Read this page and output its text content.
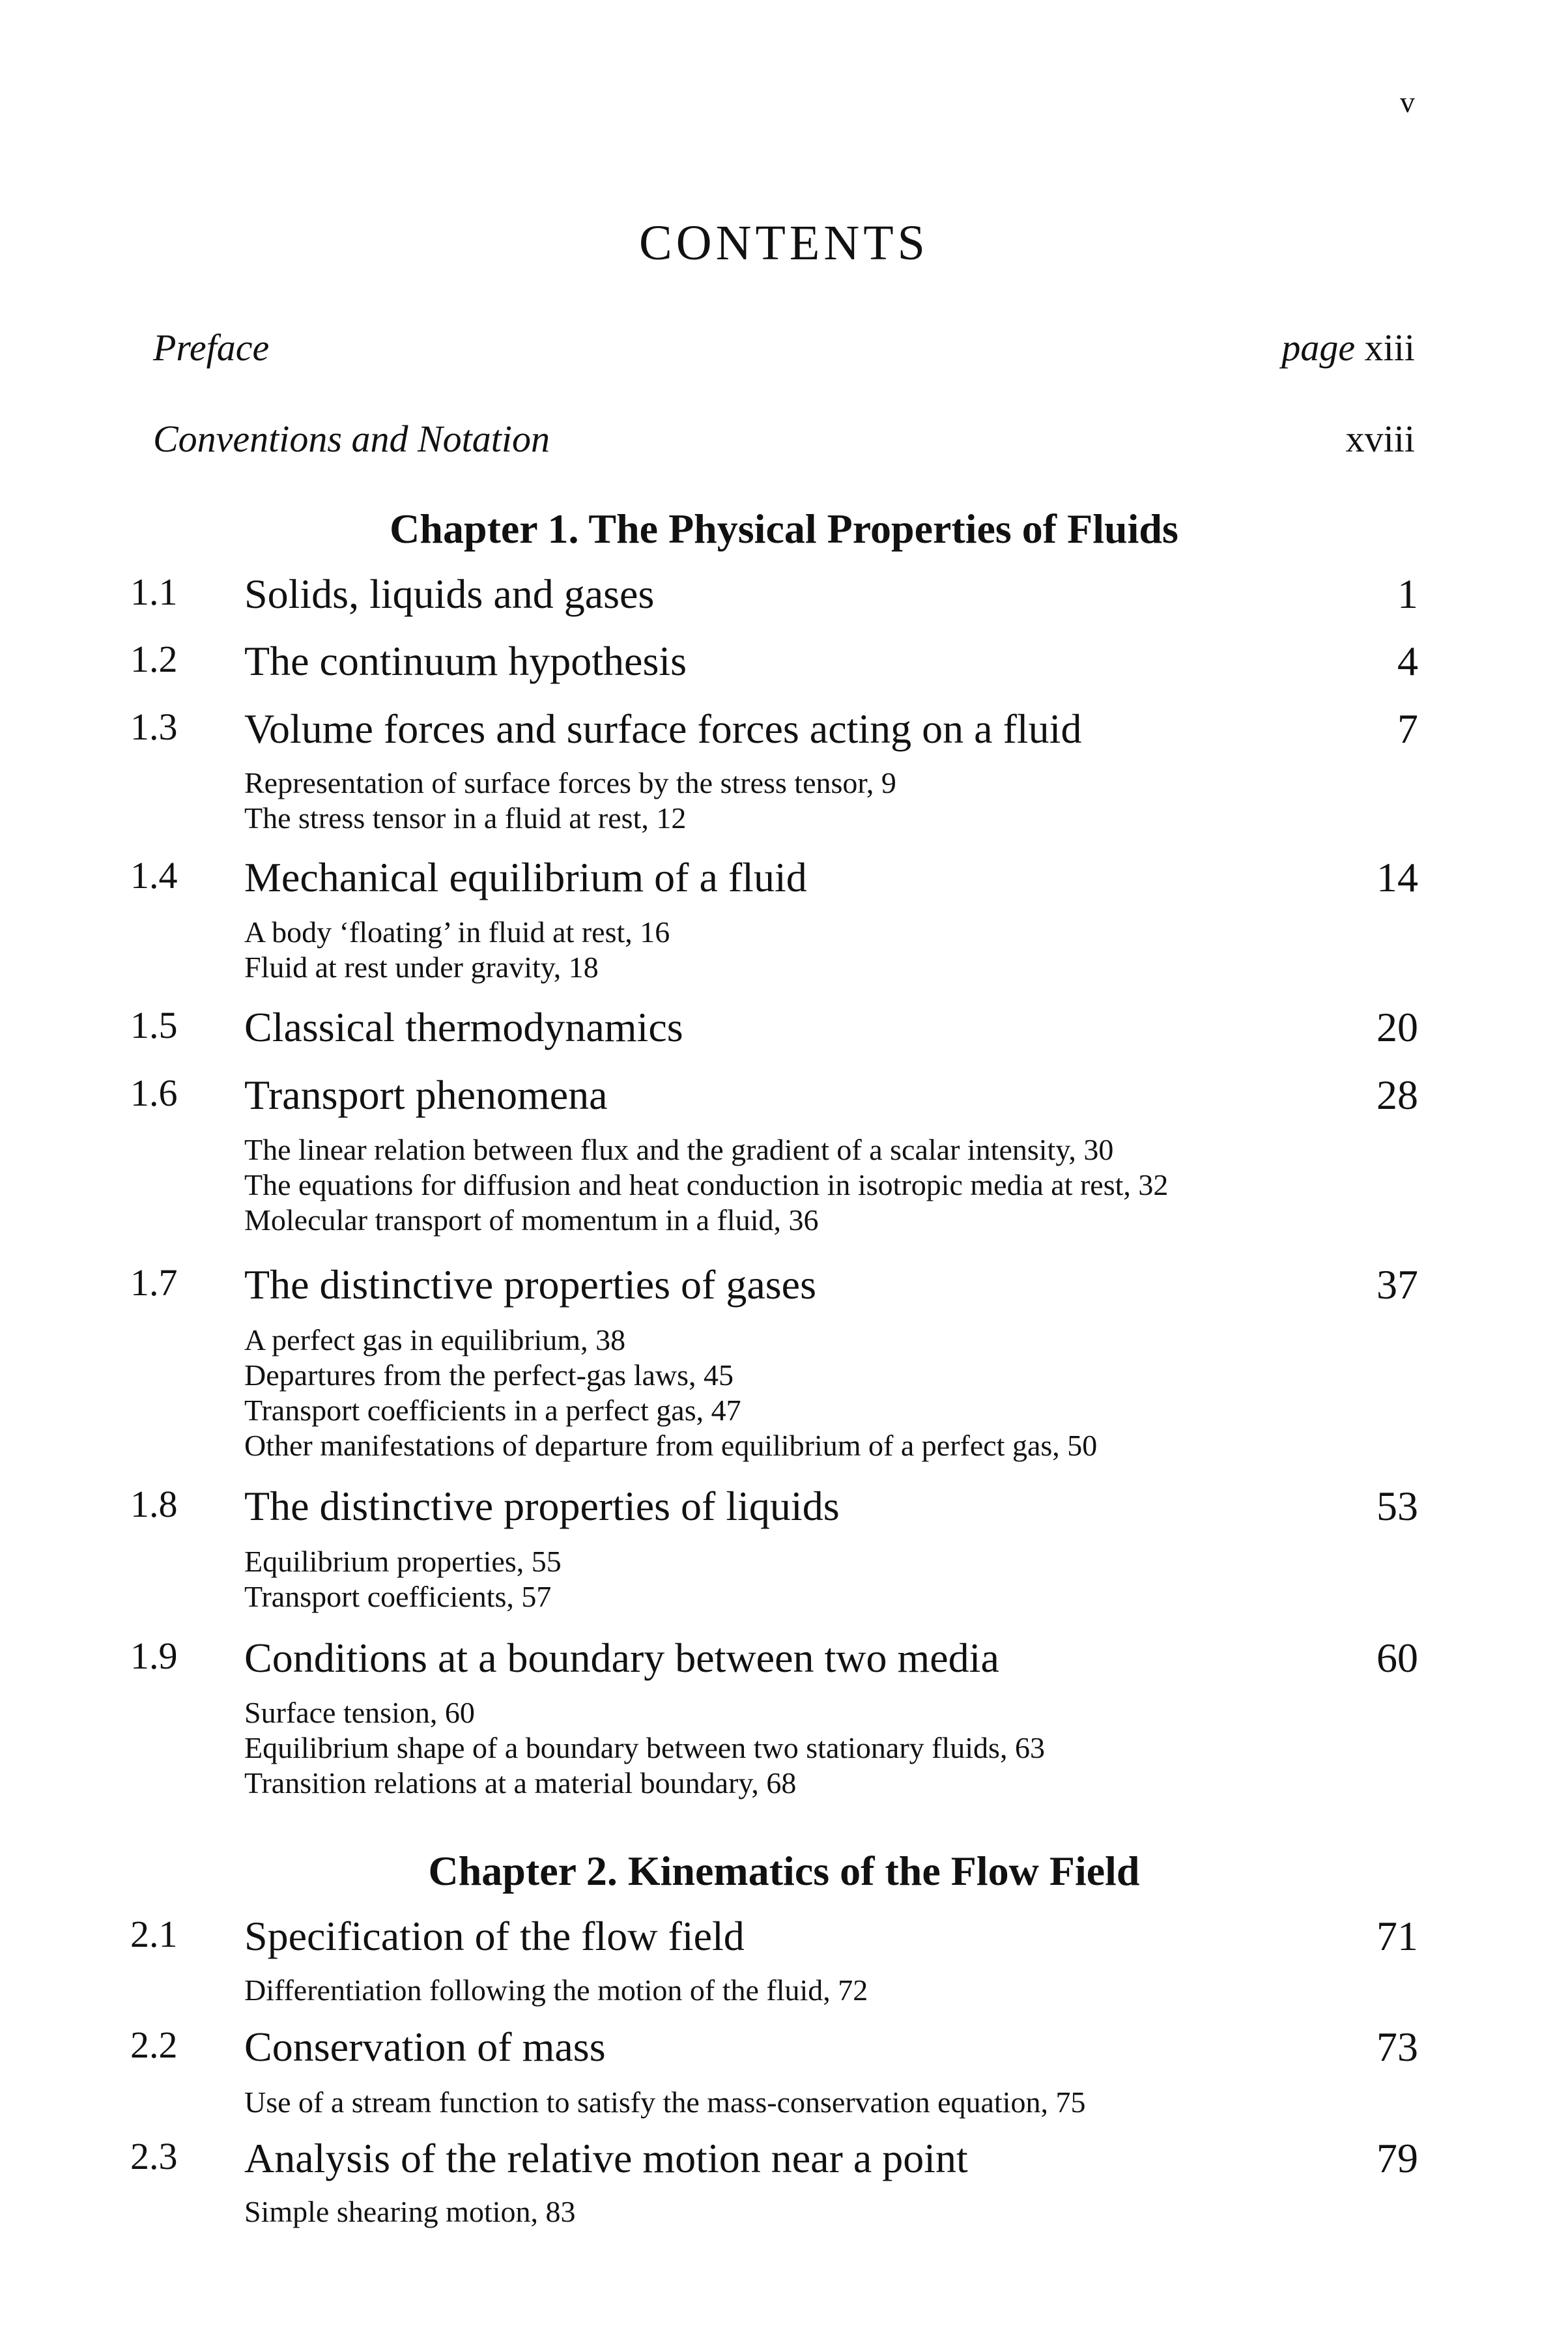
v
CONTENTS
Preface	page xiii
Conventions and Notation	xviii
Chapter 1. The Physical Properties of Fluids
1.1 Solids, liquids and gases	1
1.2 The continuum hypothesis	4
1.3 Volume forces and surface forces acting on a fluid	7
Representation of surface forces by the stress tensor, 9
The stress tensor in a fluid at rest, 12
1.4 Mechanical equilibrium of a fluid	14
A body ‘floating’ in fluid at rest, 16
Fluid at rest under gravity, 18
1.5 Classical thermodynamics	20
1.6 Transport phenomena	28
The linear relation between flux and the gradient of a scalar intensity, 30
The equations for diffusion and heat conduction in isotropic media at rest, 32
Molecular transport of momentum in a fluid, 36
1.7 The distinctive properties of gases	37
A perfect gas in equilibrium, 38
Departures from the perfect-gas laws, 45
Transport coefficients in a perfect gas, 47
Other manifestations of departure from equilibrium of a perfect gas, 50
1.8 The distinctive properties of liquids	53
Equilibrium properties, 55
Transport coefficients, 57
1.9 Conditions at a boundary between two media	60
Surface tension, 60
Equilibrium shape of a boundary between two stationary fluids, 63
Transition relations at a material boundary, 68
Chapter 2. Kinematics of the Flow Field
2.1 Specification of the flow field	71
Differentiation following the motion of the fluid, 72
2.2 Conservation of mass	73
Use of a stream function to satisfy the mass-conservation equation, 75
2.3 Analysis of the relative motion near a point	79
Simple shearing motion, 83
